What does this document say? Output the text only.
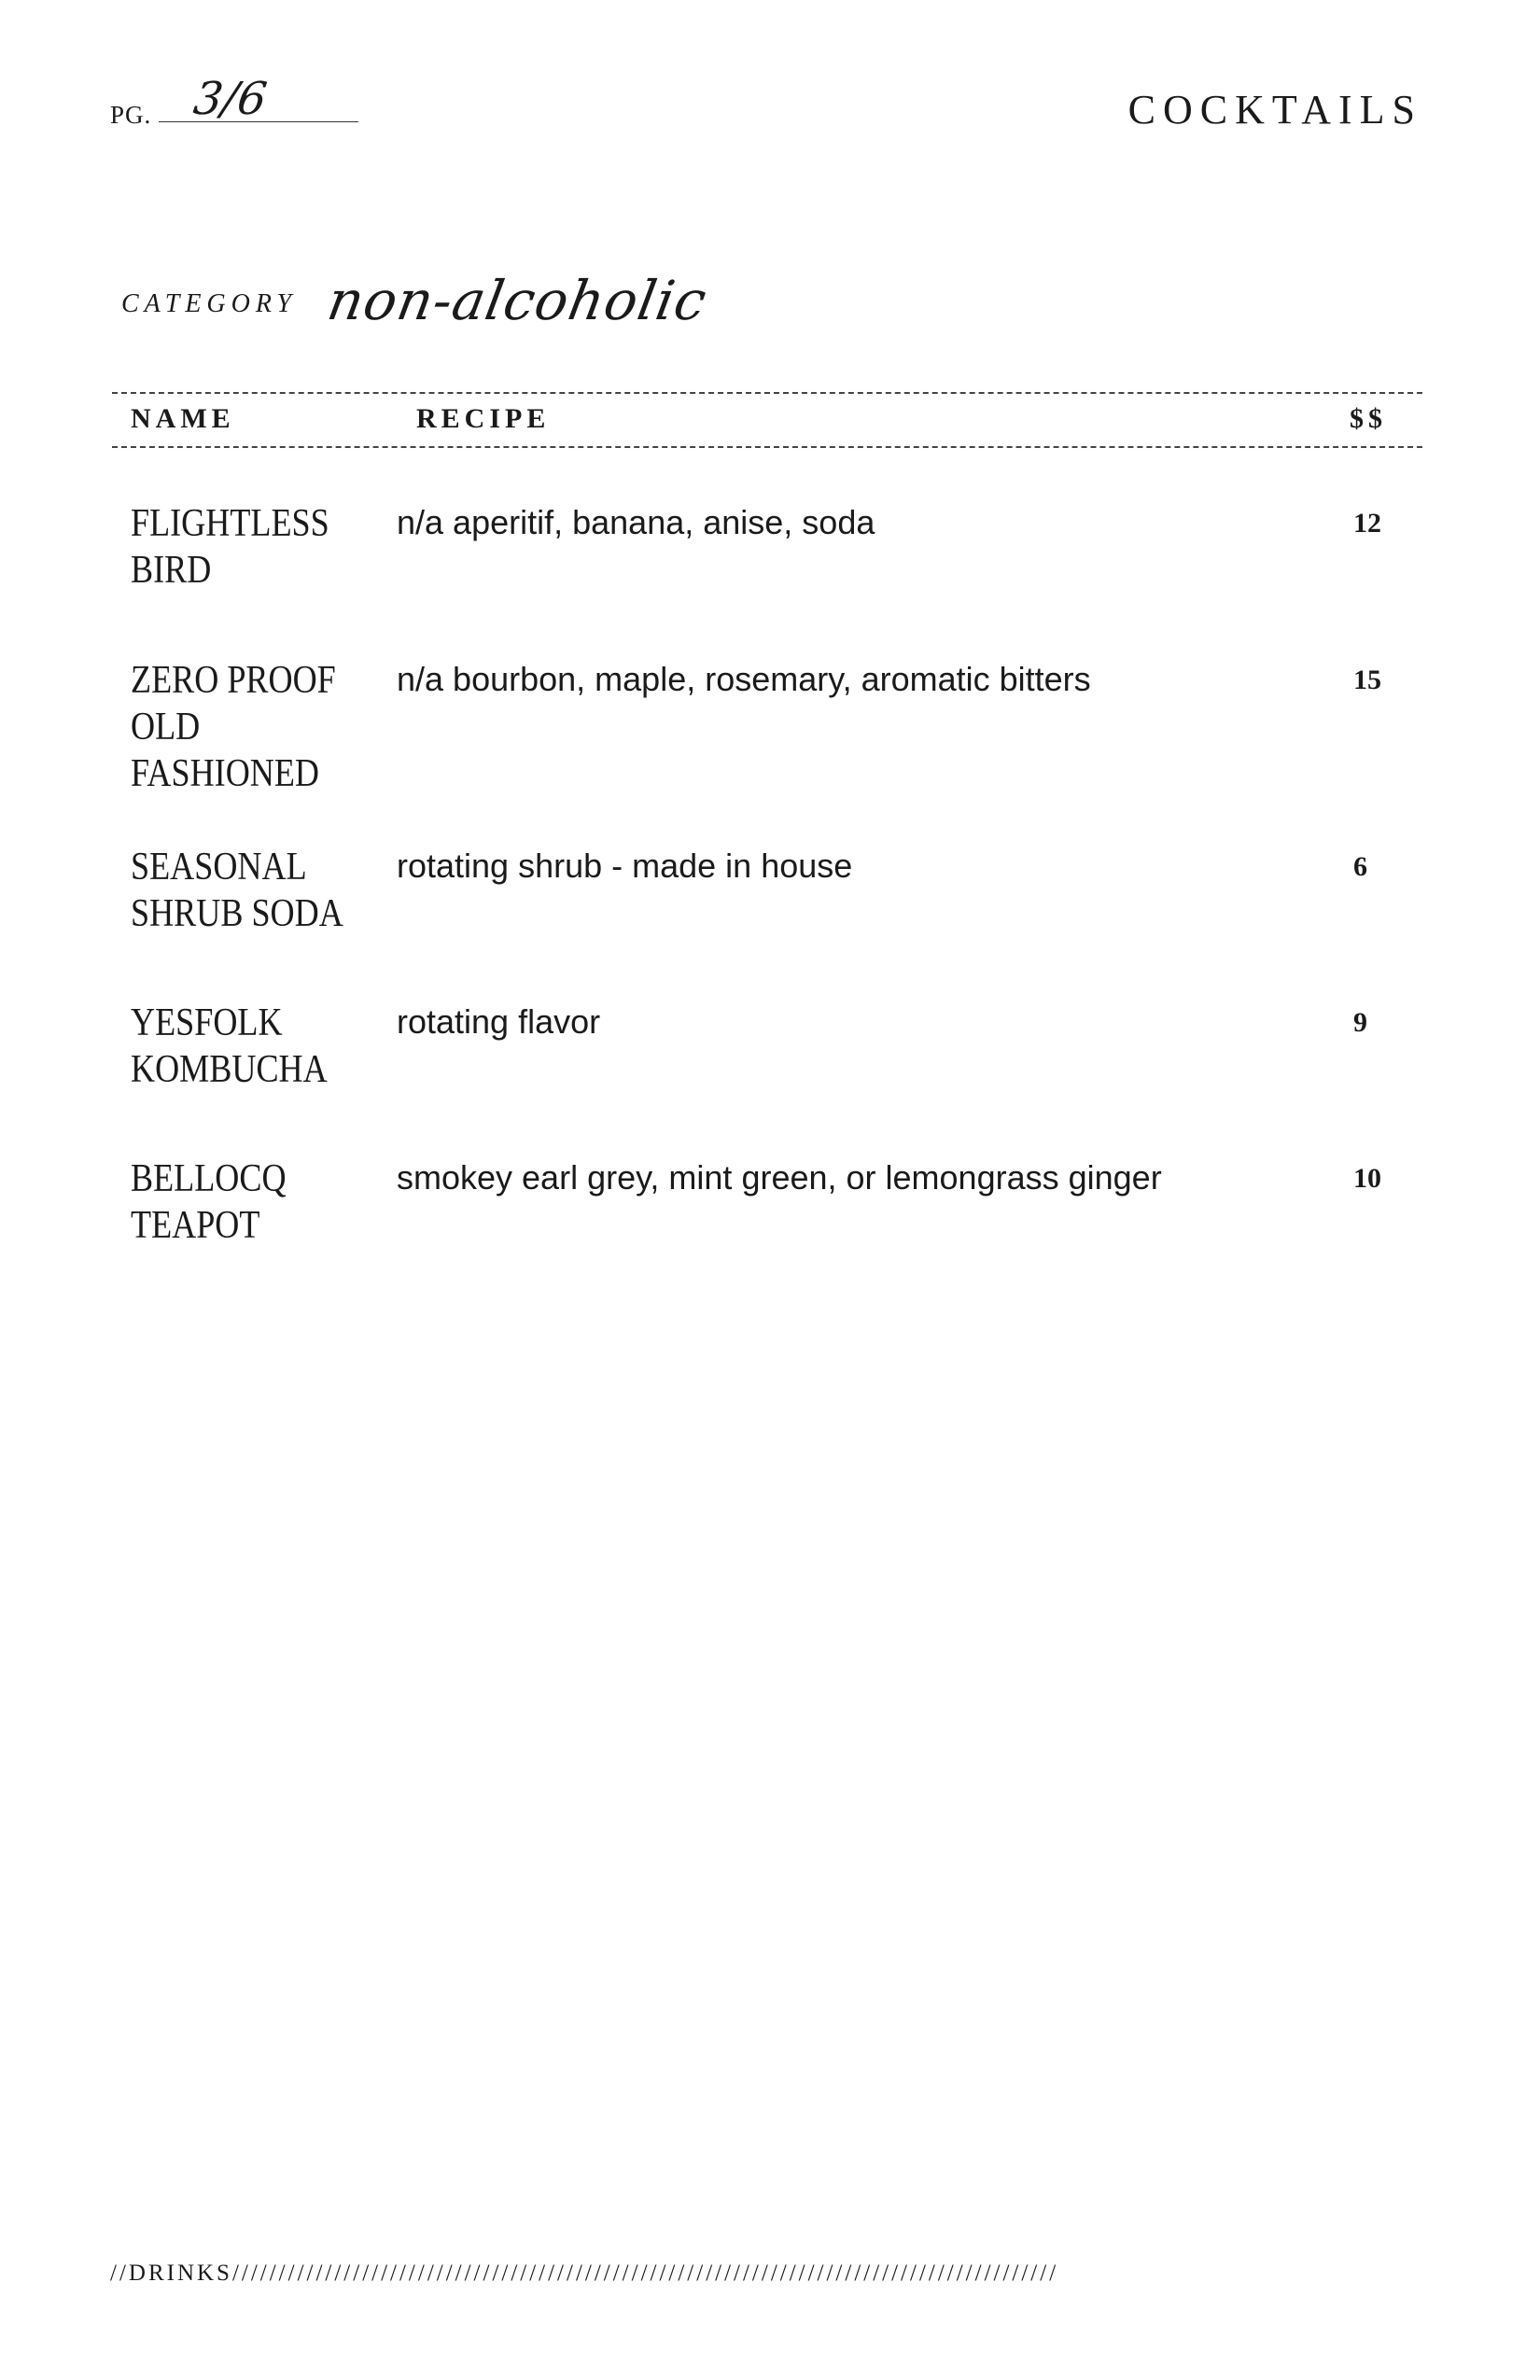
PG. 3/6	COCKTAILS
CATEGORY non-alcoholic
NAME	RECIPE	$$
FLIGHTLESS
BIRD
n/a aperitif, banana, anise, soda	12
ZERO PROOF
OLD
FASHIONED
n/a bourbon, maple, rosemary, aromatic bitters	15
SEASONAL
SHRUB SODA
rotating shrub - made in house	6
YESFOLK
KOMBUCHA
rotating flavor	9
BELLOCQ
TEAPOT
smokey earl grey, mint green, or lemongrass ginger	10
//DRINKS/////////////////////////////////////////////////////////////////////////////////////////
